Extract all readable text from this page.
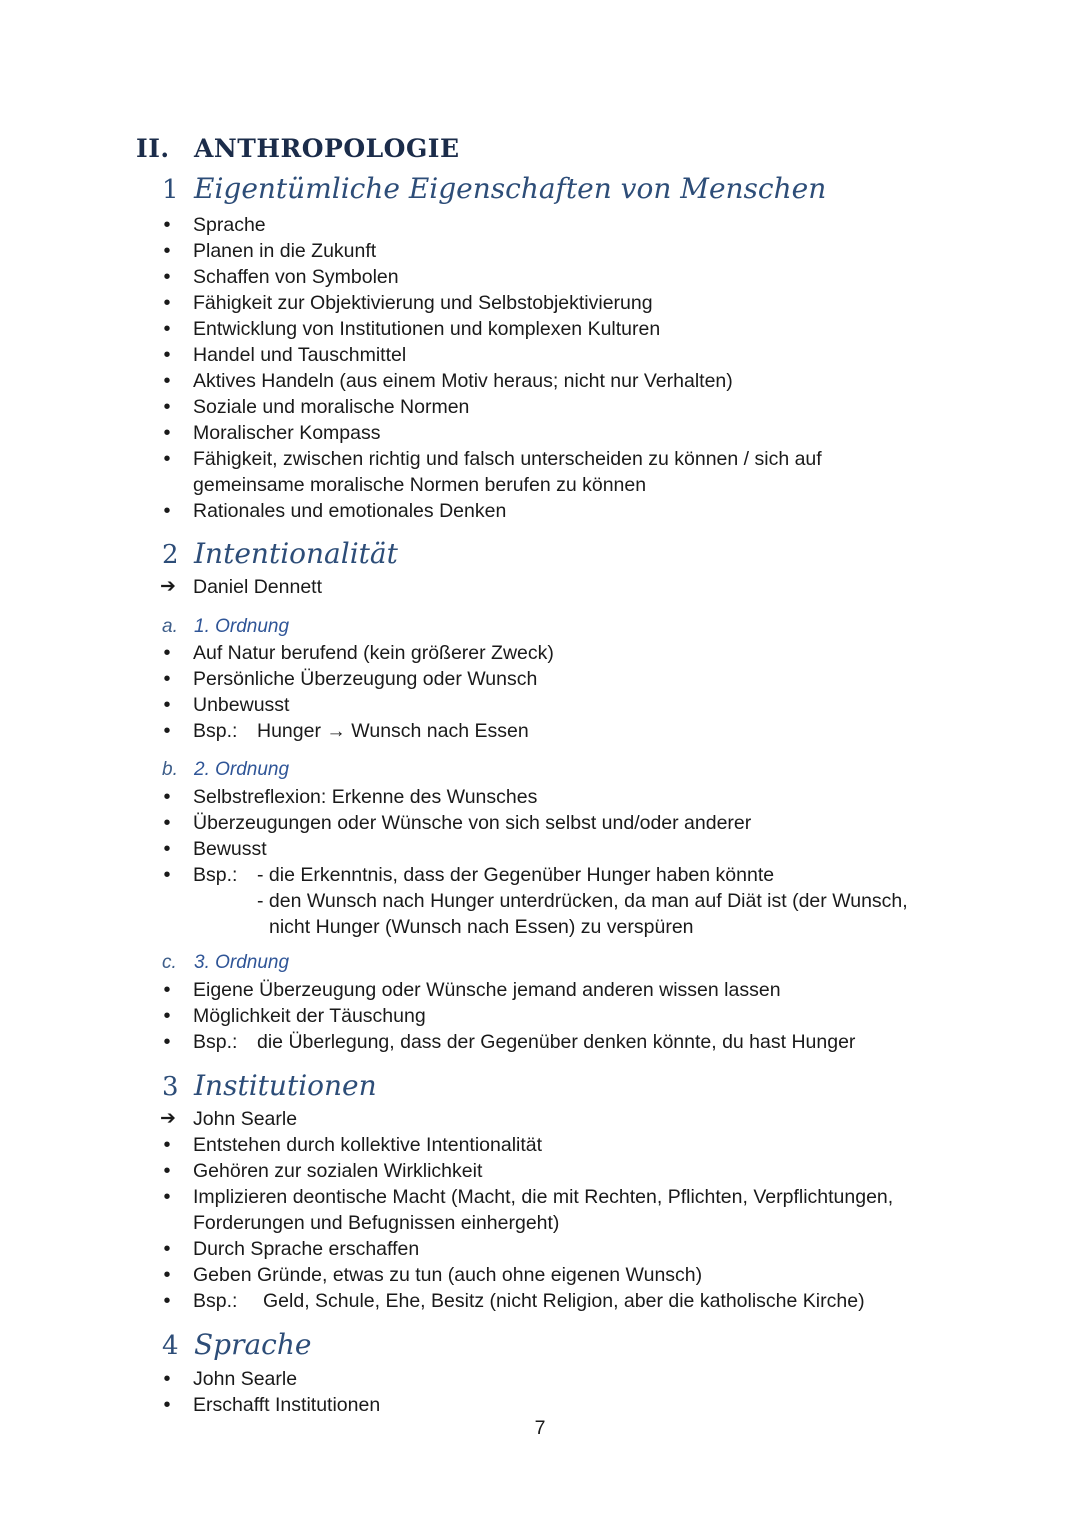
II. ANTHROPOLOGIE
1 Eigentümliche Eigenschaften von Menschen
• Sprache
• Planen in die Zukunft
• Schaffen von Symbolen
• Fähigkeit zur Objektivierung und Selbstobjektivierung
• Entwicklung von Institutionen und komplexen Kulturen
• Handel und Tauschmittel
• Aktives Handeln (aus einem Motiv heraus; nicht nur Verhalten)
• Soziale und moralische Normen
• Moralischer Kompass
• Fähigkeit, zwischen richtig und falsch unterscheiden zu können / sich auf gemeinsame moralische Normen berufen zu können
• Rationales und emotionales Denken
2 Intentionalität
➔ Daniel Dennett
a. 1. Ordnung
• Auf Natur berufend (kein größerer Zweck)
• Persönliche Überzeugung oder Wunsch
• Unbewusst
• Bsp.:	Hunger → Wunsch nach Essen
b. 2. Ordnung
• Selbstreflexion: Erkenne des Wunsches
• Überzeugungen oder Wünsche von sich selbst und/oder anderer
• Bewusst
• Bsp.:	- die Erkenntnis, dass der Gegenüber Hunger haben könnte
- den Wunsch nach Hunger unterdrücken, da man auf Diät ist (der Wunsch, nicht Hunger (Wunsch nach Essen) zu verspüren
c. 3. Ordnung
• Eigene Überzeugung oder Wünsche jemand anderen wissen lassen
• Möglichkeit der Täuschung
• Bsp.:	die Überlegung, dass der Gegenüber denken könnte, du hast Hunger
3 Institutionen
➔ John Searle
• Entstehen durch kollektive Intentionalität
• Gehören zur sozialen Wirklichkeit
• Implizieren deontische Macht (Macht, die mit Rechten, Pflichten, Verpflichtungen, Forderungen und Befugnissen einhergeht)
• Durch Sprache erschaffen
• Geben Gründe, etwas zu tun (auch ohne eigenen Wunsch)
• Bsp.:	Geld, Schule, Ehe, Besitz (nicht Religion, aber die katholische Kirche)
4 Sprache
• John Searle
• Erschafft Institutionen
7
